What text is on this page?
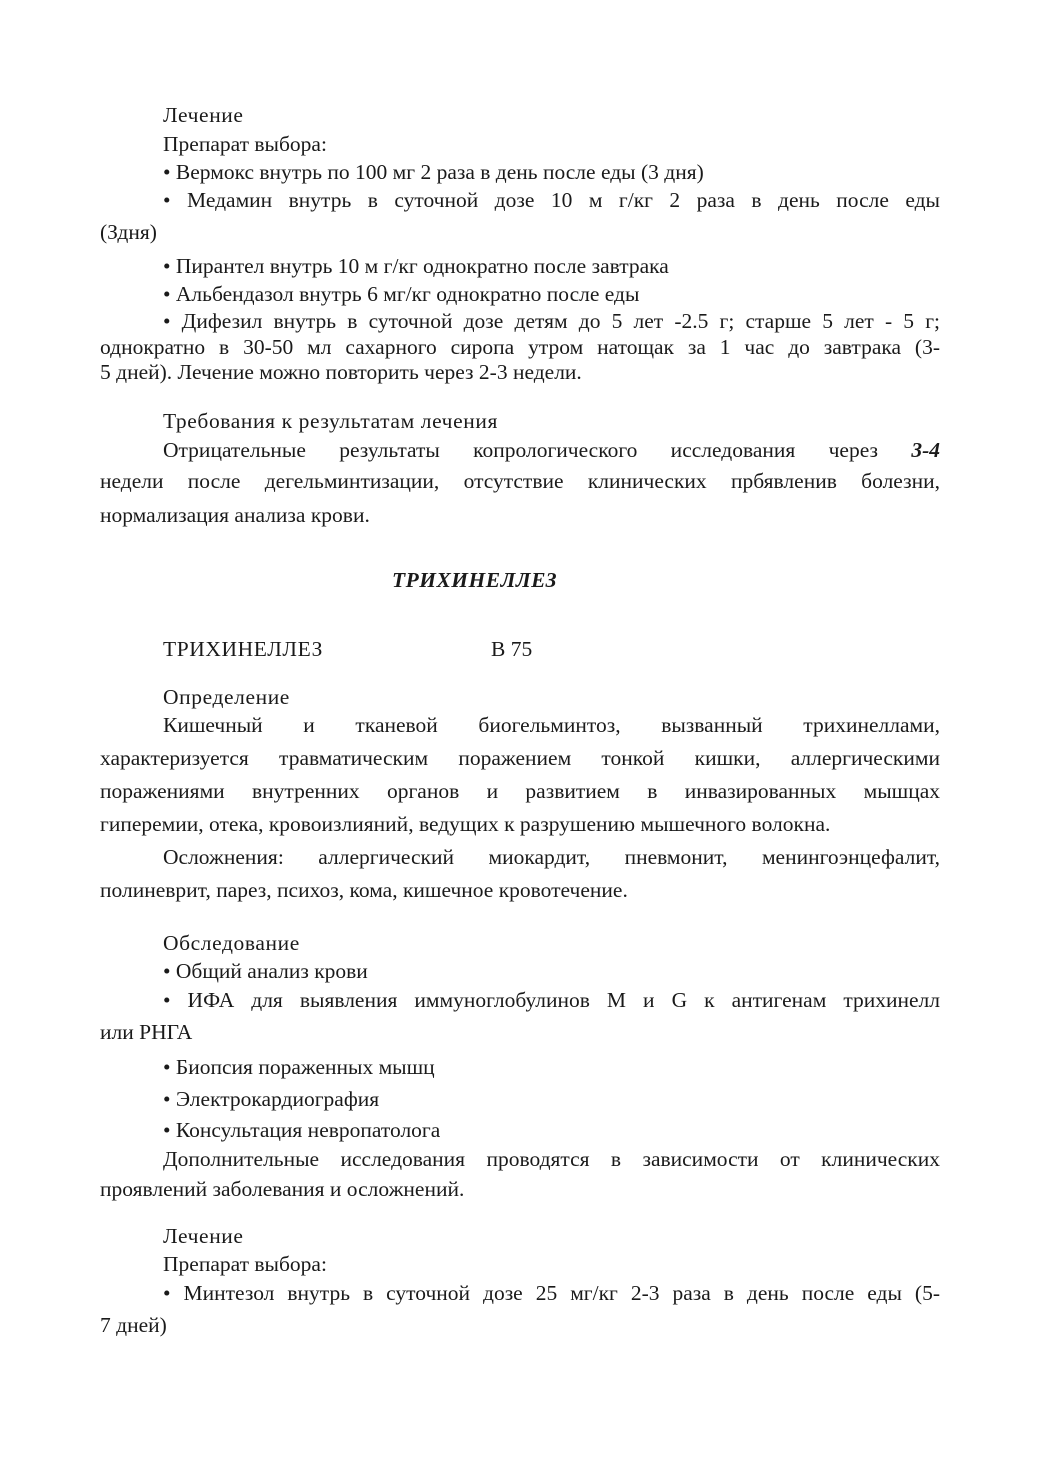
Лечение
Препарат выбора:
• Вермокс внутрь по 100 мг 2 раза в день после еды (3 дня)
• Медамин внутрь в суточной дозе 10 м г/кг 2 раза в день после еды
(Здня)
• Пирантел внутрь 10 м г/кг однократно после завтрака
• Альбендазол внутрь 6 мг/кг однократно после еды
• Дифезил внутрь в суточной дозе детям до 5 лет -2.5 г; старше 5 лет - 5 г;
однократно в 30-50 мл сахарного сиропа утром натощак за 1 час до завтрака (3-
5 дней). Лечение можно повторить через 2-3 недели.
Требования к результатам лечения
Отрицательные результаты копрологического исследования через 3-4
недели после дегельминтизации, отсутствие клинических прбявленив болезни,
нормализация анализа крови.
ТРИХИНЕЛЛЕЗ
ТРИХИНЕЛЛЕЗ	В 75
Определение
Кишечный и тканевой биогельминтоз, вызванный трихинеллами,
характеризуется травматическим поражением тонкой кишки, аллергическими
поражениями внутренних органов и развитием в инвазированных мышцах
гиперемии, отека, кровоизлияний, ведущих к разрушению мышечного волокна.
Осложнения: аллергический миокардит, пневмонит, менингоэнцефалит,
полиневрит, парез, психоз, кома, кишечное кровотечение.
Обследование
• Общий анализ крови
• ИФА для выявления иммуноглобулинов М и G к антигенам трихинелл
или РНГА
• Биопсия пораженных мышц
• Электрокардиография
• Консультация невропатолога
Дополнительные исследования проводятся в зависимости от клинических
проявлений заболевания и осложнений.
Лечение
Препарат выбора:
• Минтезол внутрь в суточной дозе 25 мг/кг 2-3 раза в день после еды (5-
7 дней)
